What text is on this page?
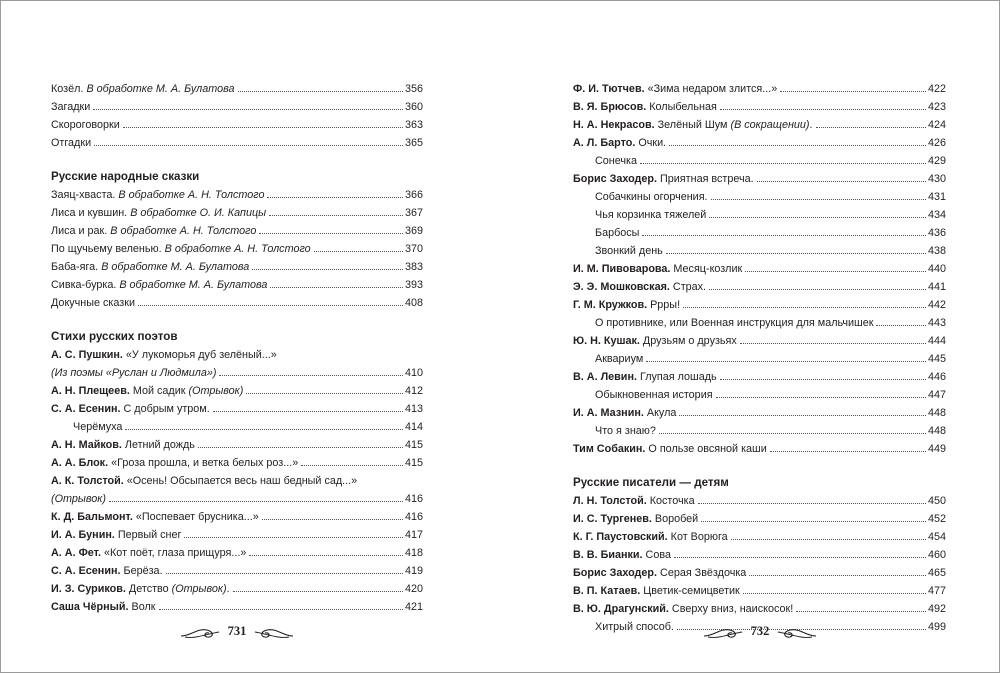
Козёл. В обработке М. А. Булатова	356
Загадки	360
Скороговорки	363
Отгадки	365
Русские народные сказки
Заяц-хваста. В обработке А. Н. Толстого	366
Лиса и кувшин. В обработке О. И. Капицы	367
Лиса и рак. В обработке А. Н. Толстого	369
По щучьему веленью. В обработке А. Н. Толстого	370
Баба-яга. В обработке М. А. Булатова	383
Сивка-бурка. В обработке М. А. Булатова	393
Докучные сказки	408
Стихи русских поэтов
А. С. Пушкин. «У лукоморья дуб зелёный...»
(Из поэмы «Руслан и Людмила»)	410
А. Н. Плещеев. Мой садик (Отрывок)	412
С. А. Есенин. С добрым утром.	413
Черёмуха	414
А. Н. Майков. Летний дождь	415
А. А. Блок. «Гроза прошла, и ветка белых роз...»	415
А. К. Толстой. «Осень! Обсыпается весь наш бедный сад...»
(Отрывок)	416
К. Д. Бальмонт. «Поспевает брусника...»	416
И. А. Бунин. Первый снег	417
А. А. Фет. «Кот поёт, глаза прищуря...»	418
С. А. Есенин. Берёза.	419
И. З. Суриков. Детство (Отрывок).	420
Саша Чёрный. Волк	421
731
Ф. И. Тютчев. «Зима недаром злится...»	422
В. Я. Брюсов. Колыбельная	423
Н. А. Некрасов. Зелёный Шум (В сокращении).	424
А. Л. Барто. Очки.	426
Сонечка	429
Борис Заходер. Приятная встреча.	430
Собачкины огорчения.	431
Чья корзинка тяжелей	434
Барбосы	436
Звонкий день	438
И. М. Пивоварова. Месяц-козлик	440
Э. Э. Мошковская. Страх.	441
Г. М. Кружков. Ррры!	442
О противнике, или Военная инструкция для мальчишек	443
Ю. Н. Кушак. Друзьям о друзьях	444
Аквариум	445
В. А. Левин. Глупая лошадь	446
Обыкновенная история	447
И. А. Мазнин. Акула	448
Что я знаю?	448
Тим Собакин. О пользе овсяной каши	449
Русские писатели — детям
Л. Н. Толстой. Косточка	450
И. С. Тургенев. Воробей	452
К. Г. Паустовский. Кот Ворюга	454
В. В. Бианки. Сова	460
Борис Заходер. Серая Звёздочка	465
В. П. Катаев. Цветик-семицветик	477
В. Ю. Драгунский. Сверху вниз, наискосок!	492
Хитрый способ.	499
732
